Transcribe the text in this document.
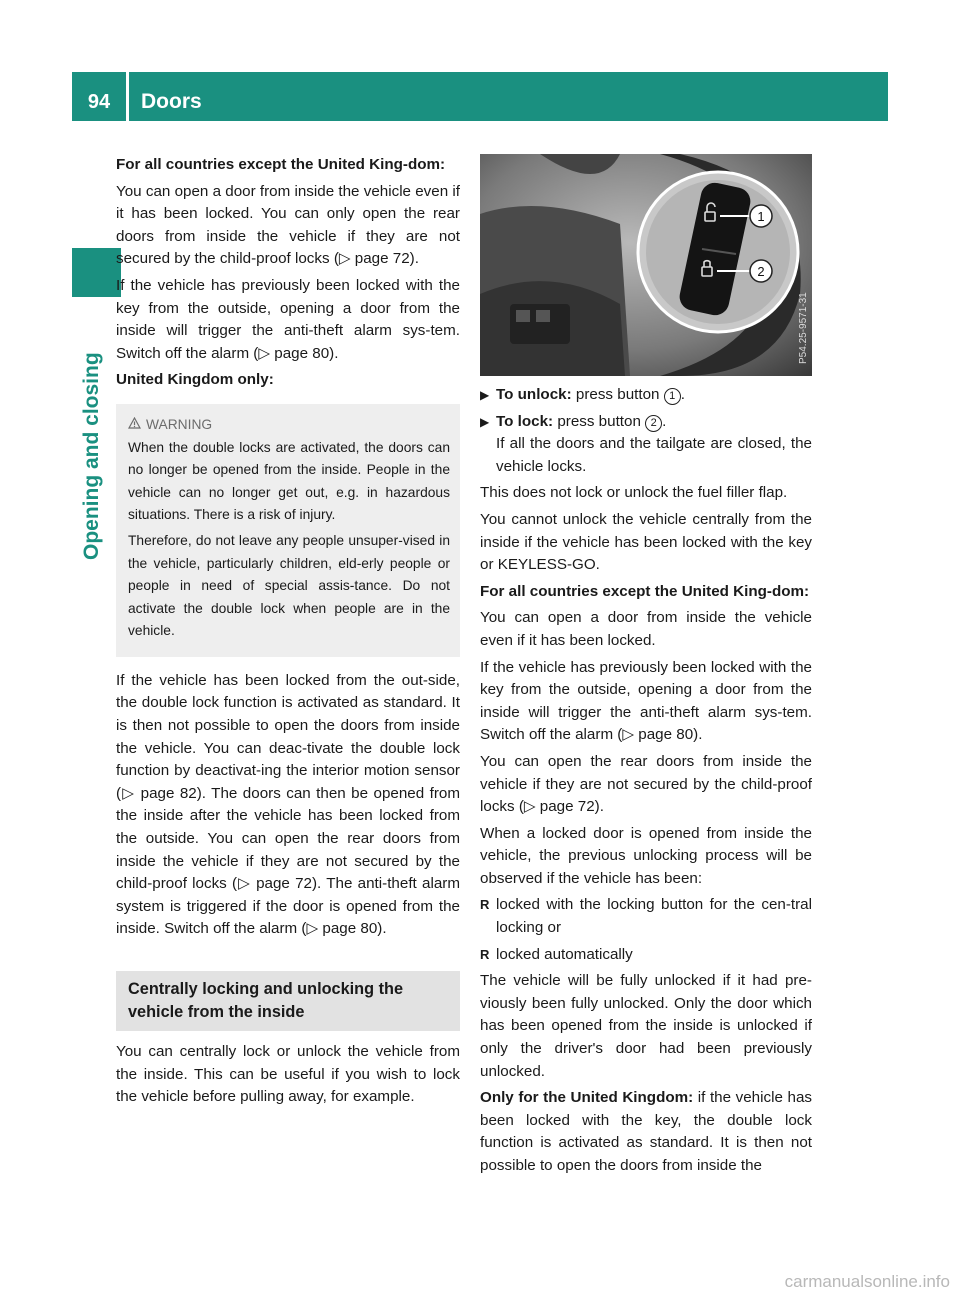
94	Doors
Opening and closing

For all countries except the United King-dom:

You can open a door from inside the vehicle even if it has been locked. You can only open the rear doors from inside the vehicle if they are not secured by the child-proof locks (▷ page 72).

If the vehicle has previously been locked with the key from the outside, opening a door from the inside will trigger the anti-theft alarm sys-tem. Switch off the alarm (▷ page 80).

United Kingdom only:

WARNING

When the double locks are activated, the doors can no longer be opened from the inside. People in the vehicle can no longer get out, e.g. in hazardous situations. There is a risk of injury.

Therefore, do not leave any people unsuper-vised in the vehicle, particularly children, eld-erly people or people in need of special assis-tance. Do not activate the double lock when people are in the vehicle.

If the vehicle has been locked from the out-side, the double lock function is activated as standard. It is then not possible to open the doors from inside the vehicle. You can deac-tivate the double lock function by deactivat-ing the interior motion sensor (▷ page 82). The doors can then be opened from the inside after the vehicle has been locked from the outside. You can open the rear doors from inside the vehicle if they are not secured by the child-proof locks (▷ page 72). The anti-theft alarm system is triggered if the door is opened from the inside. Switch off the alarm (▷ page 80).

Centrally locking and unlocking the vehicle from the inside

You can centrally lock or unlock the vehicle from the inside. This can be useful if you wish to lock the vehicle before pulling away, for example.

1
2
P54.25-9571-31

▶ To unlock: press button 1 .

▶ To lock: press button 2 .
If all the doors and the tailgate are closed, the vehicle locks.

This does not lock or unlock the fuel filler flap.

You cannot unlock the vehicle centrally from the inside if the vehicle has been locked with the key or KEYLESS-GO.

For all countries except the United King-dom:

You can open a door from inside the vehicle even if it has been locked.

If the vehicle has previously been locked with the key from the outside, opening a door from the inside will trigger the anti-theft alarm sys-tem. Switch off the alarm (▷ page 80).

You can open the rear doors from inside the vehicle if they are not secured by the child-proof locks (▷ page 72).

When a locked door is opened from inside the vehicle, the previous unlocking process will be observed if the vehicle has been:

R locked with the locking button for the cen-tral locking or

R locked automatically

The vehicle will be fully unlocked if it had pre-viously been fully unlocked. Only the door which has been opened from the inside is unlocked if only the driver's door had been previously unlocked.

Only for the United Kingdom: if the vehicle has been locked with the key, the double lock function is activated as standard. It is then not possible to open the doors from inside the

carmanualsonline.info
